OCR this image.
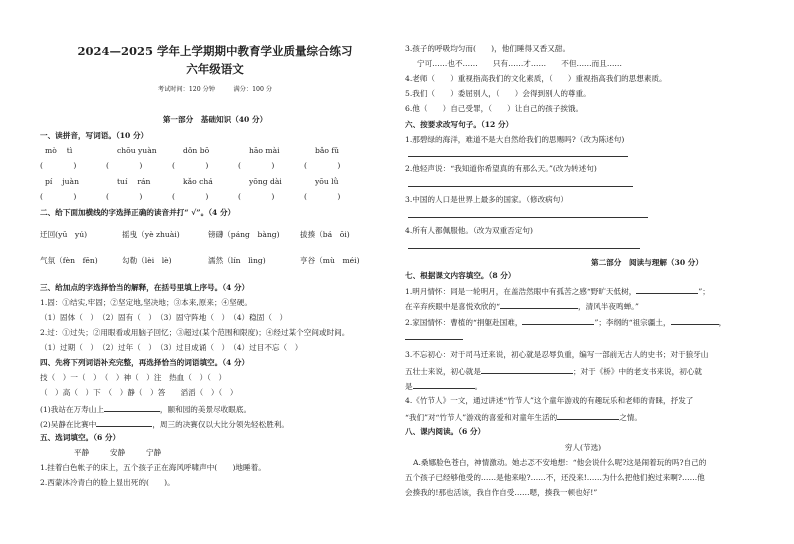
2024—2025 学年上学期期中教育学业质量综合练习
六年级语文
考试时间：120 分钟　　　满分：100 分
第一部分　基础知识（40 分）
一、读拼音，写词语。（10 分）
mò　 tì	chōu yuàn	dǒn bō	hāo mài	bǎo fǔ
(　　　　)	(　　　　)	(　　　　)	(　　　　)	(　　　　)
pí　 juàn	tuí　 rán	kǎo chá	yōng dài	yōu lǜ
(　　　　)	(　　　　)	(　　　　)	(　　　　)	(　　　　)
二、给下面加横线的字选择正确的读音并打“ √”。（4 分）
迁回(yū　yú)	摇曳（yè zhuài)	镑礴（páng　bàng)	拔揍（bá　ōi)
气氛（fèn　fēn)	勾勒（lèi　lè)	濡然（lín　lìng)	亨谷（mù　méi)
三、给加点的字选择恰当的解释，在括号里填上序号。（4 分）
1.固：①结实,牢固；②坚定地,坚决地；③本来,原来；④坚硬。
（1）固体（　）　（2）固有（　）　（3）固守阵地（　）　（4）稳固（　）
2.过：①过失；②用眼看或用脑子回忆；③超过(某个范围和限度)；④经过某个空间或时间。
（1）过期（　）　（2）过年（　）　（3）过目成诵（　）　（4）过目不忘（　）
四、先将下列词语补充完整，再选择恰当的词语填空。（4 分）
技（　）一（　）　（　）神（　）注　热血（　）（　）
（　）高（　）下　（　）静（　）答　　滔滔（　）（　）
(1)我站在万寿山上	，颐和园的美景尽收眼底。
(2)吴静在比赛中	，周三的决赛仅以大比分领先轻松胜利。
五、选词填空。（6 分）
平静	安静	宁静
1.挂着白色帐子的床上，五个孩子正在海风呼啸声中(　　)地睡着。
2.西蒙沐冷青白的脸上显出死的(　　)。
3.孩子的呼吸均匀而(　　)，他们睡得又香又甜。
宁可……也不……　　只有……才……　　不但……而且……
4.老师（　　）重视指高我们的文化素质，（　　）重视指高我们的思想素质。
5.我们（　　）委屈别人，（　　）会得到别人的尊重。
6.他（　　）自己受罪，（　　）让自己的孩子挨饿。
六、按要求改写句子。（12 分）
1.那碧绿的海洋，难道不是大自然给我们的思赐吗?（改为陈述句)
2.他轻声说：“我知道你希望真的有那么天。”(改为转述句)
3.中国的人口是世界上最多的国家。（修改病句）
4.所有人都佩服他。（改为双重否定句)
第二部分　阅读与理解（30 分）
七、根据课文内容填空。（8 分）
1.明月情怀：同是一轮明月，在盖浩然眼中有孤苦之感“野旷天低树，	”；
在辛弃疾眼中是喜悦欢欣的“	，清风半夜鸣蝉。”
2.家国情怀：曹植的“捐躯赴国难，	”；李纲的“祖宗疆土，	，
3.不忘初心：对于司马迁来说，初心就是忍辱负重，编写一部前无古人的史书；对于狼牙山
五壮士来说，初心就是	；对于《桥》中的老支书来说，初心就
是	。
4.《竹节人》一文，通过讲述“竹节人”这个童年游戏的有趣玩乐和老师的青睐，抒发了
“我们”对“竹节人”游戏的喜爱和对童年生活的	之情。
八、课内阅读。（6 分）
穷人(节选)
A.桑娜脸色苍白，神情激动。她忐忑不安地想：“他会说什么呢?这是闹着玩的吗?自己的
五个孩子已经够他受的……是他来啦?……不，还没来!……为什么把他们抱过来啊?……他
会揍我的!那也活该，我自作自受……嗯，揍我一顿也好!”
